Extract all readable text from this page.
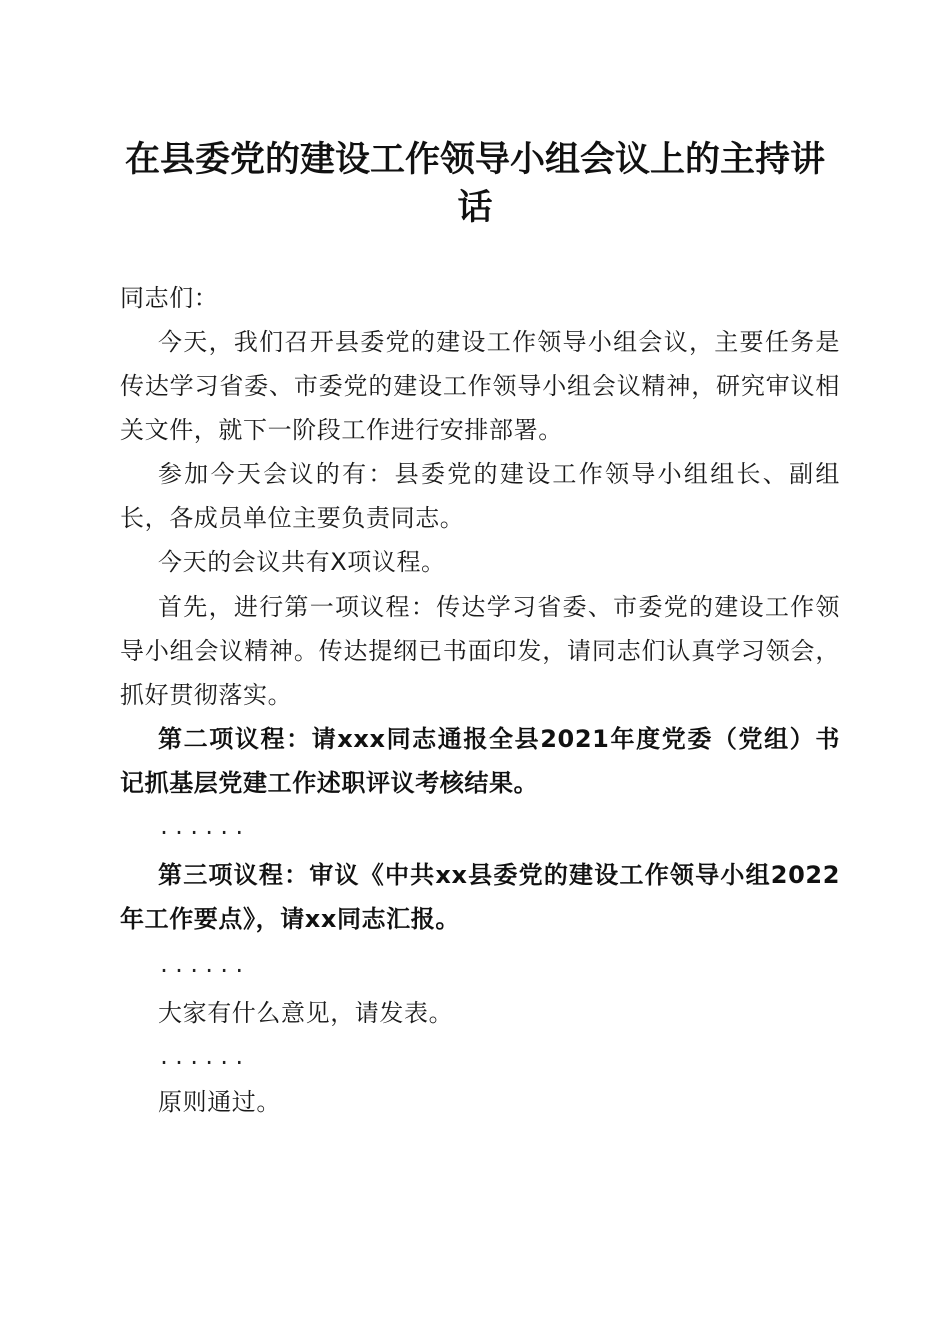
在县委党的建设工作领导小组会议上的主持讲
话

同志们：

今天，我们召开县委党的建设工作领导小组会议，主要任务是传达学习省委、市委党的建设工作领导小组会议精神，研究审议相关文件，就下一阶段工作进行安排部署。

参加今天会议的有：县委党的建设工作领导小组组长、副组长，各成员单位主要负责同志。

今天的会议共有X项议程。

首先，进行第一项议程：传达学习省委、市委党的建设工作领导小组会议精神。传达提纲已书面印发，请同志们认真学习领会，抓好贯彻落实。

第二项议程：请xxx同志通报全县2021年度党委（党组）书记抓基层党建工作述职评议考核结果。

......

第三项议程：审议《中共xx县委党的建设工作领导小组2022年工作要点》，请xx同志汇报。

......

大家有什么意见，请发表。

......

原则通过。
